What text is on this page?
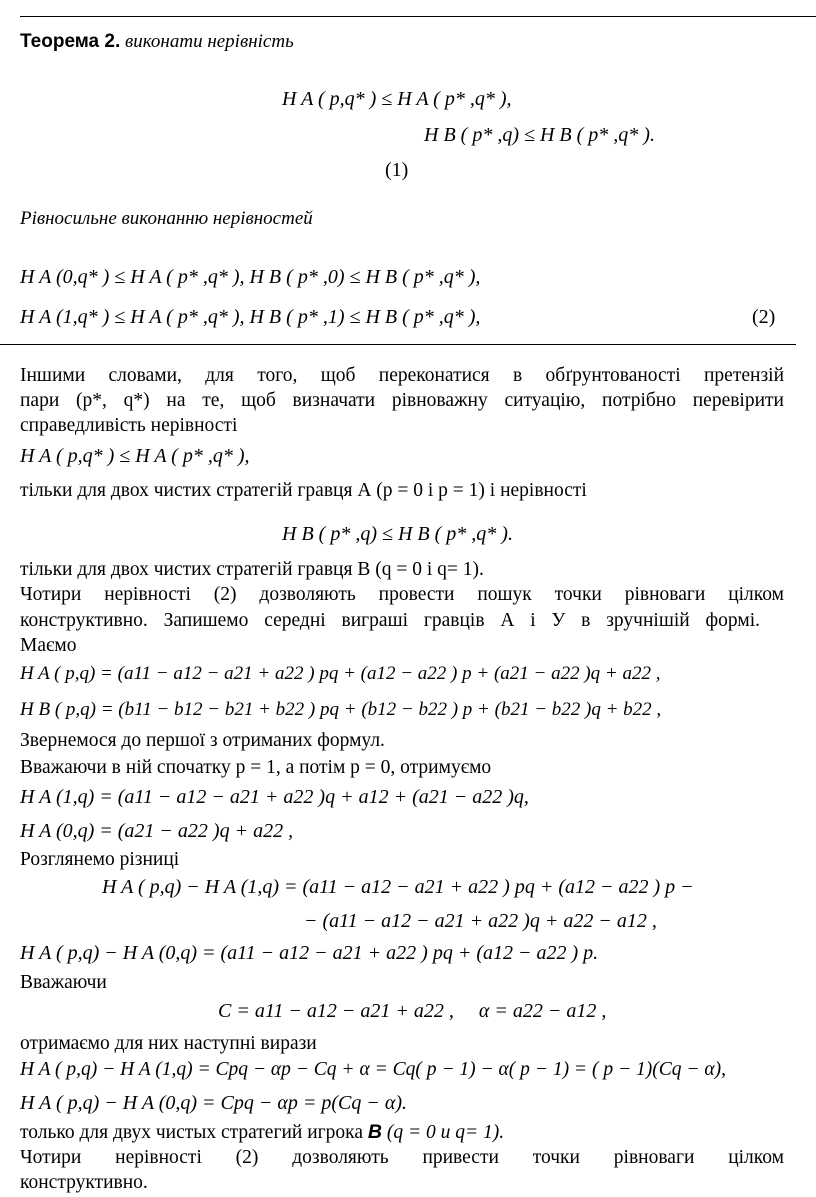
Теорема 2. виконати нерівність
H A ( p,q* ) ≤ H A ( p* ,q* ),
H B ( p* ,q) ≤ H B ( p* ,q* ).
(1)
Рівносильне виконанню нерівностей
H A (0,q* ) ≤ H A ( p* ,q* ), H B ( p* ,0) ≤ H B ( p* ,q* ),
H A (1,q* ) ≤ H A ( p* ,q* ), H B ( p* ,1) ≤ H B ( p* ,q* ),	(2)
Іншими словами, для того, щоб переконатися в обґрунтованості претензій
пари (p*, q*) на те, щоб визначати рівноважну ситуацію, потрібно перевірити
справедливість нерівності
H A ( p,q* ) ≤ H A ( p* ,q* ),
тільки для двох чистих стратегій гравця А (p = 0 і p = 1) і нерівності
H B ( p* ,q) ≤ H B ( p* ,q* ).
тільки для двох чистих стратегій гравця В (q = 0 і q= 1).
Чотири нерівності (2) дозволяють провести пошук точки рівноваги цілком
конструктивно. Запишемо середні виграші гравців А і У в зручнішій формі.
Маємо
H A ( p,q) = (a11 − a12 − a21 + a22 ) pq + (a12 − a22 ) p + (a21 − a22 )q + a22 ,
H B ( p,q) = (b11 − b12 − b21 + b22 ) pq + (b12 − b22 ) p + (b21 − b22 )q + b22 ,
Звернемося до першої з отриманих формул.
Вважаючи в ній спочатку p = 1, а потім p = 0, отримуємо
H A (1,q) = (a11 − a12 − a21 + a22 )q + a12 + (a21 − a22 )q,
H A (0,q) = (a21 − a22 )q + a22 ,
Розглянемо різниці
H A ( p,q) − H A (1,q) = (a11 − a12 − a21 + a22 ) pq + (a12 − a22 ) p −
− (a11 − a12 − a21 + a22 )q + a22 − a12 ,
H A ( p,q) − H A (0,q) = (a11 − a12 − a21 + a22 ) pq + (a12 − a22 ) p.
Вважаючи
C = a11 − a12 − a21 + a22 ,     α = a22 − a12 ,
отримаємо для них наступні вирази
H A ( p,q) − H A (1,q) = Cpq − αp − Cq + α = Cq( p − 1) − α( p − 1) = ( p − 1)(Cq − α),
H A ( p,q) − H A (0,q) = Cpq − αp = p(Cq − α).
только для двух чистых стратегий игрока B (q = 0 и q= 1).
Чотири нерівності (2) дозволяють привести точки рівноваги цілком
конструктивно.
